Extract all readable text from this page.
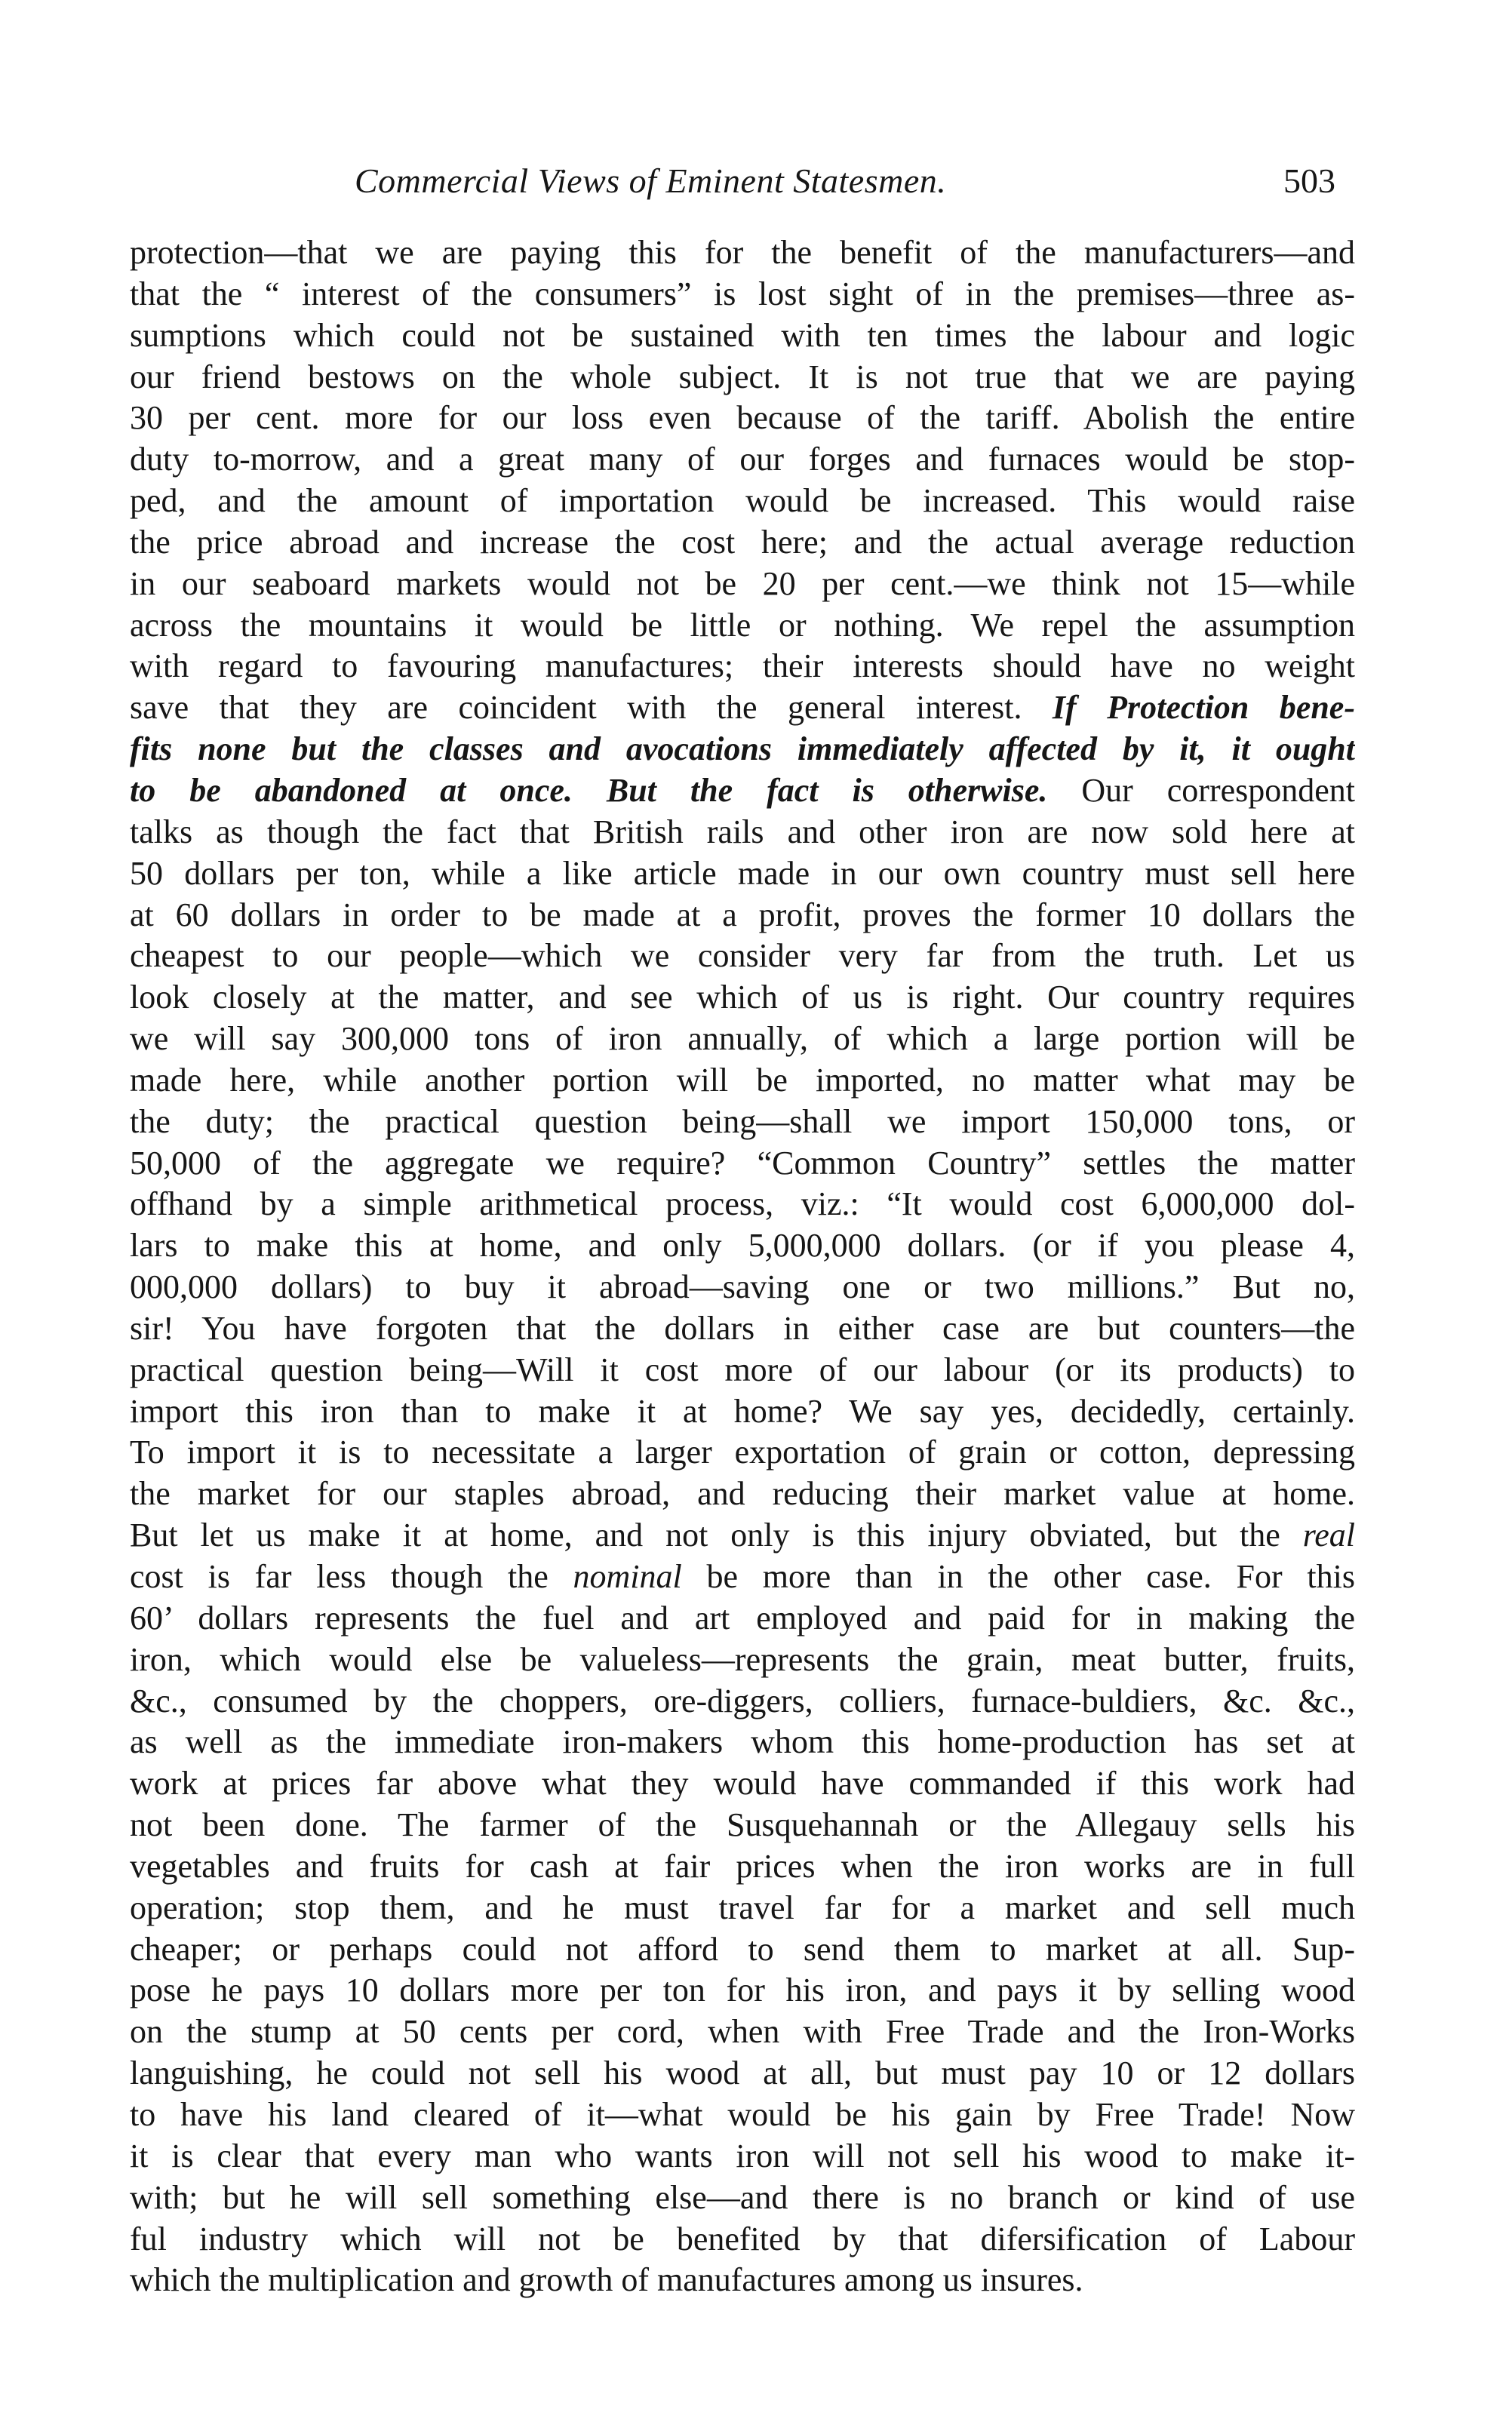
Commercial Views of Eminent Statesmen.	503
protection—that we are paying this for the benefit of the manufacturers—and
that the “ interest of the consumers” is lost sight of in the premises—three as-
sumptions which could not be sustained with ten times the labour and logic
our friend bestows on the whole subject. It is not true that we are paying
30 per cent. more for our loss even because of the tariff. Abolish the entire
duty to-morrow, and a great many of our forges and furnaces would be stop-
ped, and the amount of importation would be increased. This would raise
the price abroad and increase the cost here; and the actual average reduction
in our seaboard markets would not be 20 per cent.—we think not 15—while
across the mountains it would be little or nothing. We repel the assumption
with regard to favouring manufactures; their interests should have no weight
save that they are coincident with the general interest. If Protection bene-
fits none but the classes and avocations immediately affected by it, it ought
to be abandoned at once. But the fact is otherwise. Our correspondent
talks as though the fact that British rails and other iron are now sold here at
50 dollars per ton, while a like article made in our own country must sell here
at 60 dollars in order to be made at a profit, proves the former 10 dollars the
cheapest to our people—which we consider very far from the truth. Let us
look closely at the matter, and see which of us is right. Our country requires
we will say 300,000 tons of iron annually, of which a large portion will be
made here, while another portion will be imported, no matter what may be
the duty; the practical question being—shall we import 150,000 tons, or
50,000 of the aggregate we require? “Common Country” settles the matter
offhand by a simple arithmetical process, viz.: “It would cost 6,000,000 dol-
lars to make this at home, and only 5,000,000 dollars. (or if you please 4,
000,000 dollars) to buy it abroad—saving one or two millions.” But no,
sir! You have forgoten that the dollars in either case are but counters—the
practical question being—Will it cost more of our labour (or its products) to
import this iron than to make it at home? We say yes, decidedly, certainly.
To import it is to necessitate a larger exportation of grain or cotton, depressing
the market for our staples abroad, and reducing their market value at home.
But let us make it at home, and not only is this injury obviated, but the real
cost is far less though the nominal be more than in the other case. For this
60’ dollars represents the fuel and art employed and paid for in making the
iron, which would else be valueless—represents the grain, meat butter, fruits,
&c., consumed by the choppers, ore-diggers, colliers, furnace-buldiers, &c. &c.,
as well as the immediate iron-makers whom this home-production has set at
work at prices far above what they would have commanded if this work had
not been done. The farmer of the Susquehannah or the Allegauy sells his
vegetables and fruits for cash at fair prices when the iron works are in full
operation; stop them, and he must travel far for a market and sell much
cheaper; or perhaps could not afford to send them to market at all. Sup-
pose he pays 10 dollars more per ton for his iron, and pays it by selling wood
on the stump at 50 cents per cord, when with Free Trade and the Iron-Works
languishing, he could not sell his wood at all, but must pay 10 or 12 dollars
to have his land cleared of it—what would be his gain by Free Trade! Now
it is clear that every man who wants iron will not sell his wood to make it-
with; but he will sell something else—and there is no branch or kind of use
ful industry which will not be benefited by that difersification of Labour
which the multiplication and growth of manufactures among us insures.
